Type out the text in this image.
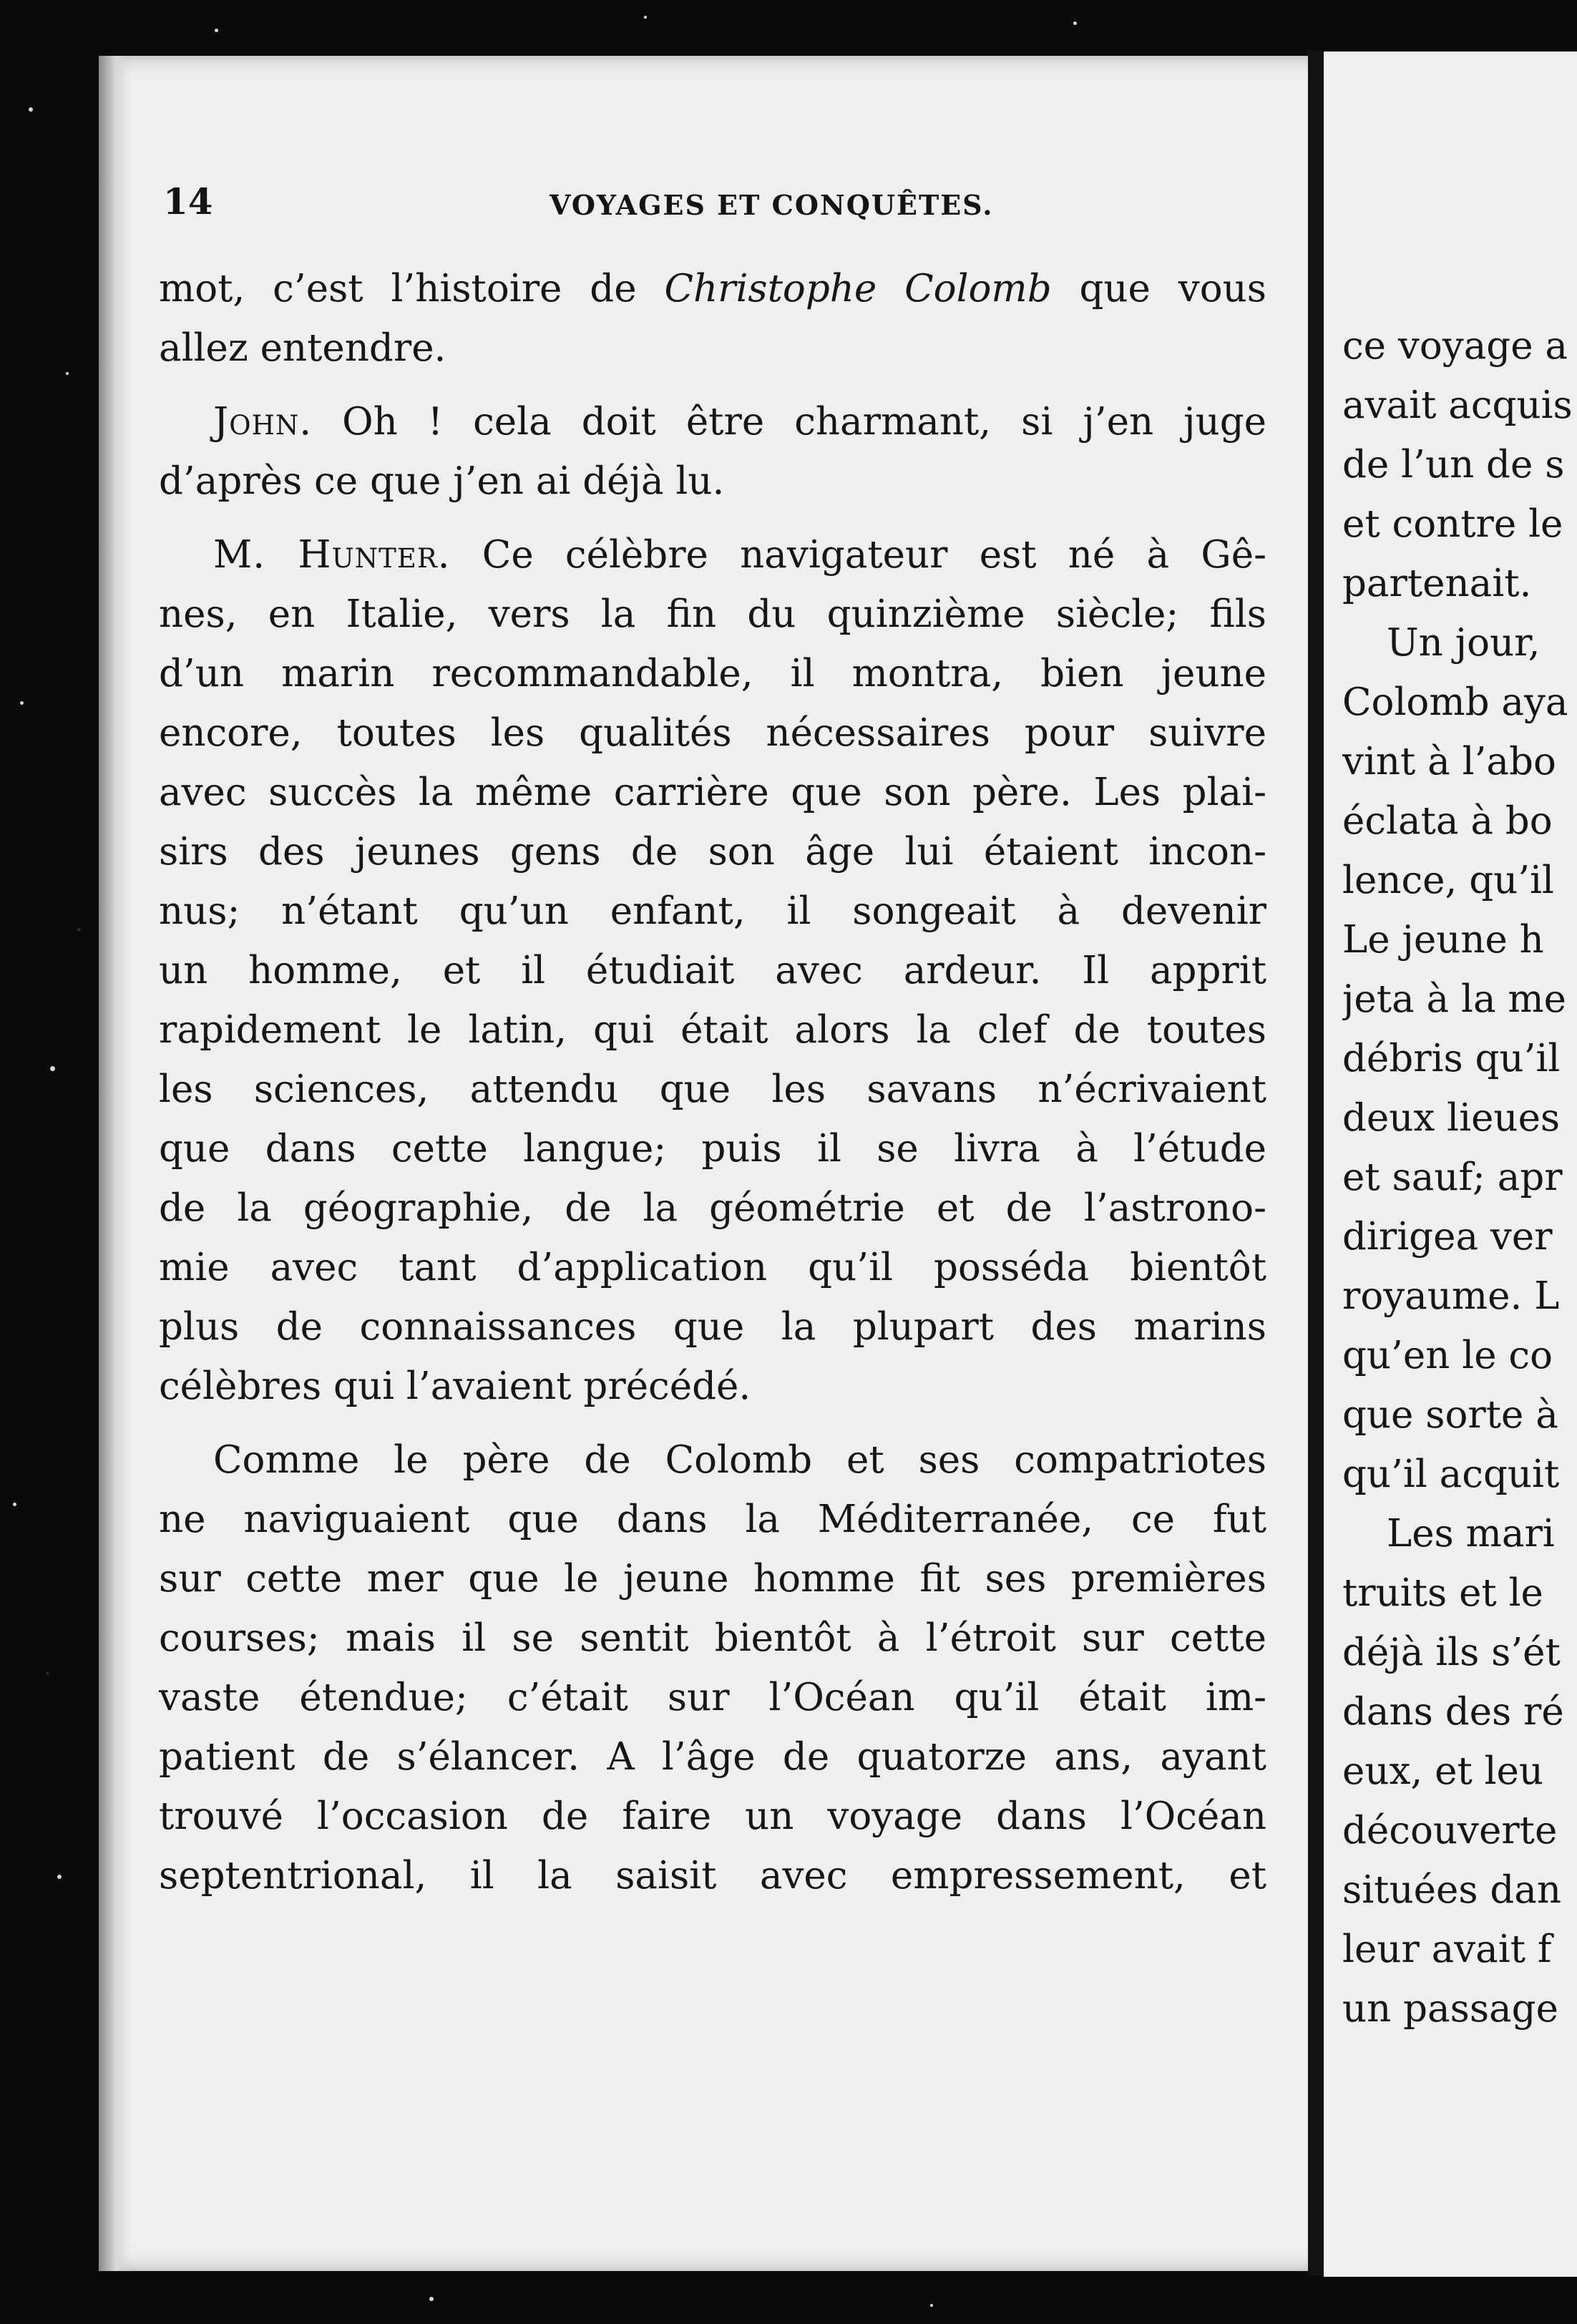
ce voyage a
avait acquis
de l’un de s
et contre le
partenait.
Un jour,
Colomb aya
vint à l’abo
éclata à bo
lence, qu’il
Le jeune h
jeta à la me
débris qu’il
deux lieues
et sauf; apr
dirigea ver
royaume. L
qu’en le co
que sorte à
qu’il acquit
Les mari
truits et le
déjà ils s’ét
dans des ré
eux, et leu
découverte
situées dan
leur avait f
un passage
14	VOYAGES ET CONQUÊTES.
mot, c’est l’histoire de Christophe Colomb que vous
allez entendre.
John. Oh ! cela doit être charmant, si j’en juge
d’après ce que j’en ai déjà lu.
M. Hunter. Ce célèbre navigateur est né à Gê-
nes, en Italie, vers la fin du quinzième siècle; fils
d’un marin recommandable, il montra, bien jeune
encore, toutes les qualités nécessaires pour suivre
avec succès la même carrière que son père. Les plai-
sirs des jeunes gens de son âge lui étaient incon-
nus; n’étant qu’un enfant, il songeait à devenir
un homme, et il étudiait avec ardeur. Il apprit
rapidement le latin, qui était alors la clef de toutes
les sciences, attendu que les savans n’écrivaient
que dans cette langue; puis il se livra à l’étude
de la géographie, de la géométrie et de l’astrono-
mie avec tant d’application qu’il posséda bientôt
plus de connaissances que la plupart des marins
célèbres qui l’avaient précédé.
Comme le père de Colomb et ses compatriotes
ne naviguaient que dans la Méditerranée, ce fut
sur cette mer que le jeune homme fit ses premières
courses; mais il se sentit bientôt à l’étroit sur cette
vaste étendue; c’était sur l’Océan qu’il était im-
patient de s’élancer. A l’âge de quatorze ans, ayant
trouvé l’occasion de faire un voyage dans l’Océan
septentrional, il la saisit avec empressement, et
